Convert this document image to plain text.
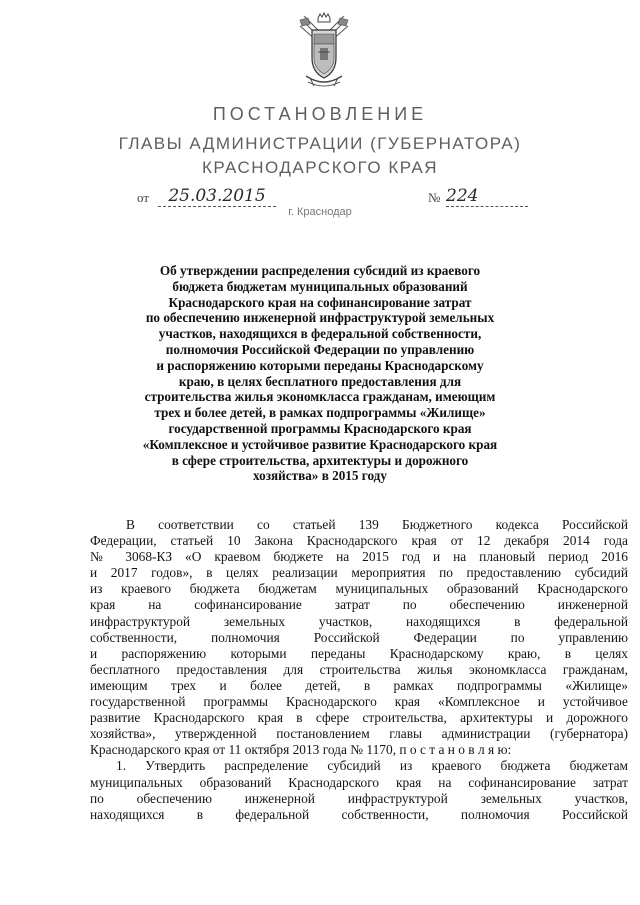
ПОСТАНОВЛЕНИЕ
ГЛАВЫ АДМИНИСТРАЦИИ (ГУБЕРНАТОРА)
КРАСНОДАРСКОГО КРАЯ
от	25.03.2015	№ 224
г. Краснодар
Об утверждении распределения субсидий из краевого
бюджета бюджетам муниципальных образований
Краснодарского края на софинансирование затрат
по обеспечению инженерной инфраструктурой земельных
участков, находящихся в федеральной собственности,
полномочия Российской Федерации по управлению
и распоряжению которыми переданы Краснодарскому
краю, в целях бесплатного предоставления для
строительства жилья экономкласса гражданам, имеющим
трех и более детей, в рамках подпрограммы «Жилище»
государственной программы Краснодарского края
«Комплексное и устойчивое развитие Краснодарского края
в сфере строительства, архитектуры и дорожного
хозяйства» в 2015 году
В соответствии со статьей 139 Бюджетного кодекса Российской
Федерации, статьей 10 Закона Краснодарского края от 12 декабря 2014 года
№ 3068-КЗ «О краевом бюджете на 2015 год и на плановый период 2016
и 2017 годов», в целях реализации мероприятия по предоставлению субсидий
из краевого бюджета бюджетам муниципальных образований Краснодарского
края на софинансирование затрат по обеспечению инженерной
инфраструктурой земельных участков, находящихся в федеральной
собственности, полномочия Российской Федерации по управлению
и распоряжению которыми переданы Краснодарскому краю, в целях
бесплатного предоставления для строительства жилья экономкласса гражданам,
имеющим трех и более детей, в рамках подпрограммы «Жилище»
государственной программы Краснодарского края «Комплексное и устойчивое
развитие Краснодарского края в сфере строительства, архитектуры и дорожного
хозяйства», утвержденной постановлением главы администрации (губернатора)
Краснодарского края от 11 октября 2013 года № 1170, п о с т а н о в л я ю:
1. Утвердить распределение субсидий из краевого бюджета бюджетам
муниципальных образований Краснодарского края на софинансирование затрат
по обеспечению инженерной инфраструктурой земельных участков,
находящихся в федеральной собственности, полномочия Российской
